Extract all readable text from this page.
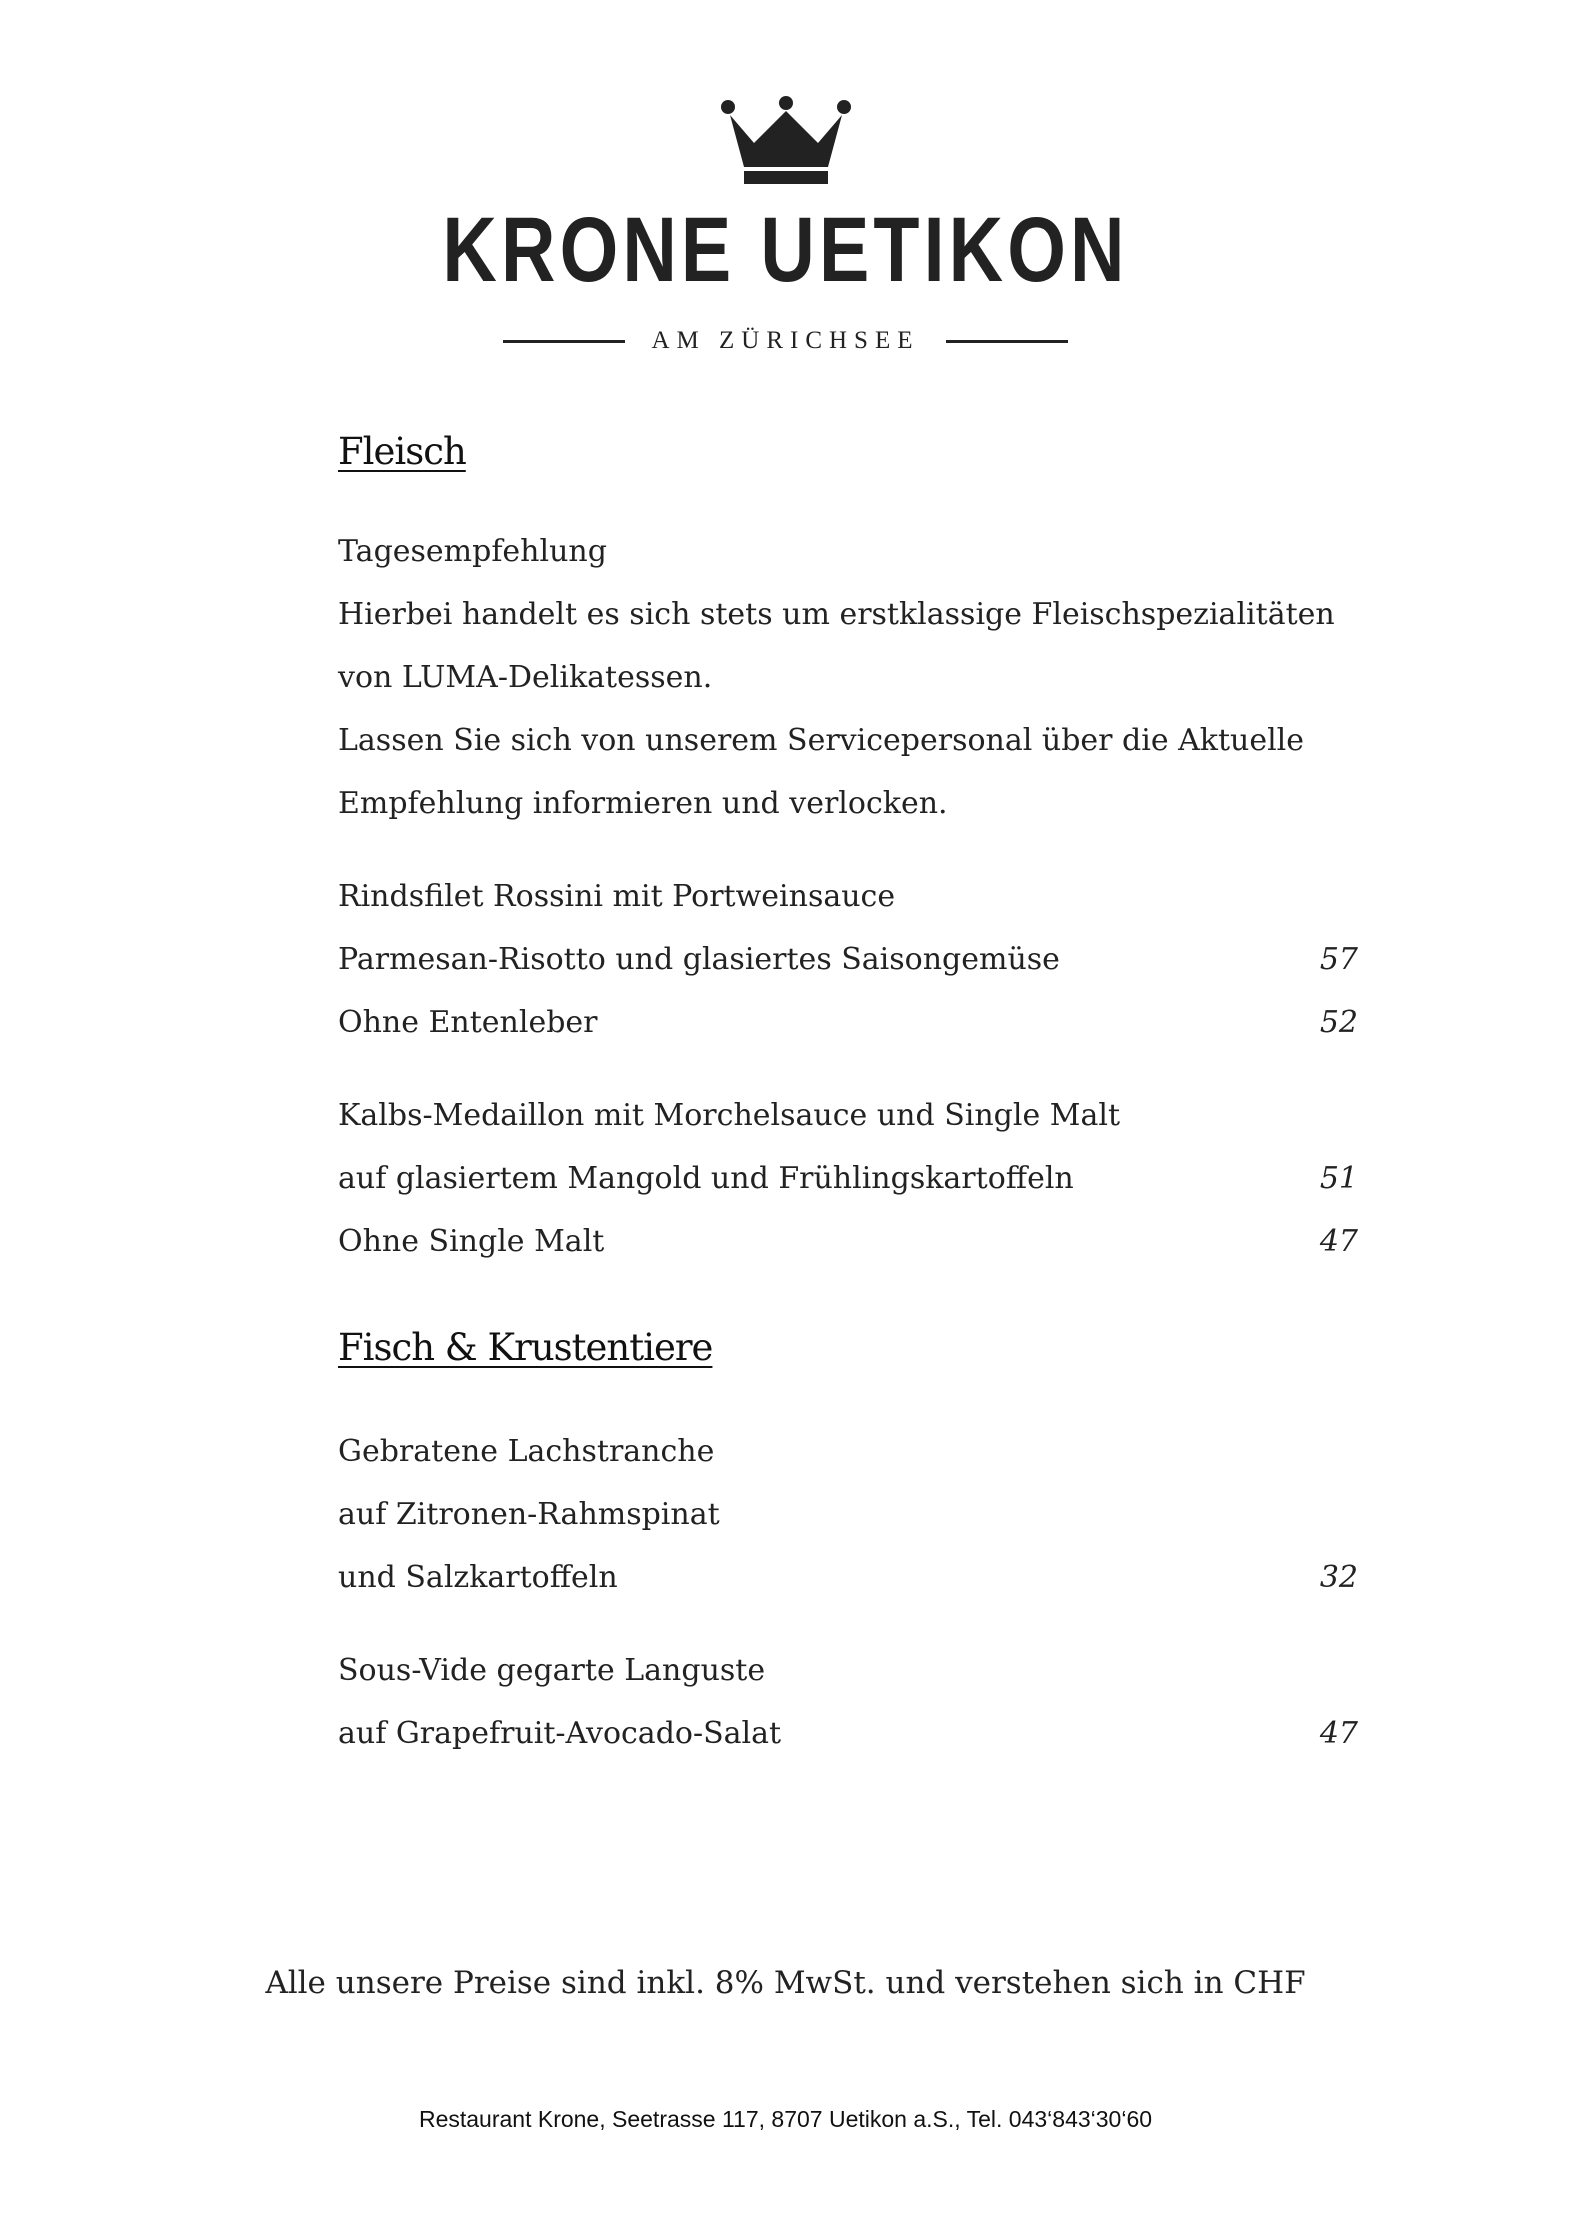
KRONE UETIKON
AM ZÜRICHSEE
Fleisch
Tagesempfehlung
Hierbei handelt es sich stets um erstklassige Fleischspezialitäten
von LUMA-Delikatessen.
Lassen Sie sich von unserem Servicepersonal über die Aktuelle
Empfehlung informieren und verlocken.
Rindsfilet Rossini mit Portweinsauce
Parmesan-Risotto und glasiertes Saisongemüse	57
Ohne Entenleber	52
Kalbs-Medaillon mit Morchelsauce und Single Malt
auf glasiertem Mangold und Frühlingskartoffeln	51
Ohne Single Malt	47
Fisch & Krustentiere
Gebratene Lachstranche
auf Zitronen-Rahmspinat
und Salzkartoffeln	32
Sous-Vide gegarte Languste
auf Grapefruit-Avocado-Salat	47
Alle unsere Preise sind inkl. 8% MwSt. und verstehen sich in CHF
Restaurant Krone, Seetrasse 117, 8707 Uetikon a.S., Tel. 043‘843‘30‘60
